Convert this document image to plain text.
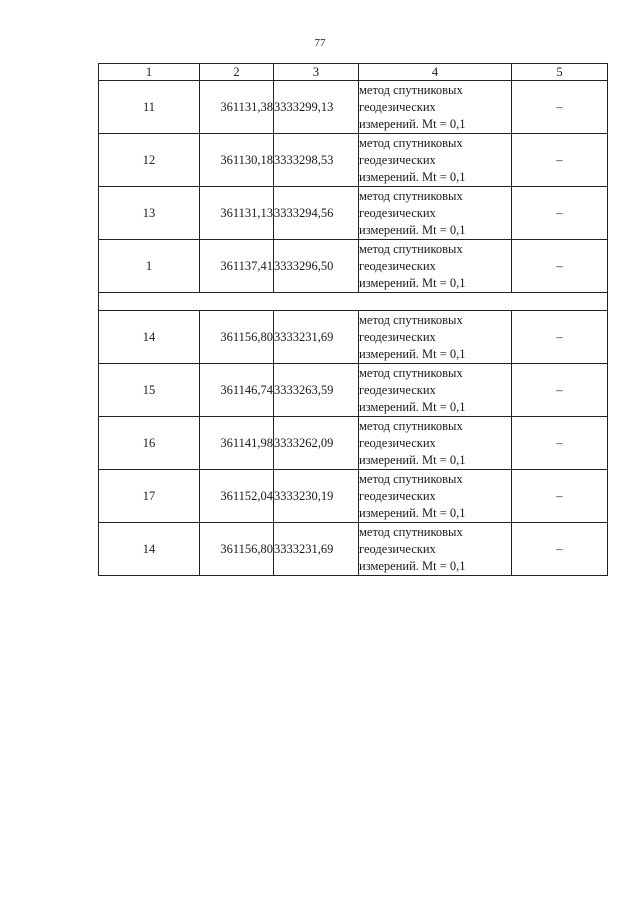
77
1	2	3	4	5
11	361131,38	3333299,13	метод спутниковых
геодезических
измерений. Mt = 0,1	–
12	361130,18	3333298,53	метод спутниковых
геодезических
измерений. Mt = 0,1	–
13	361131,13	3333294,56	метод спутниковых
геодезических
измерений. Mt = 0,1	–
1	361137,41	3333296,50	метод спутниковых
геодезических
измерений. Mt = 0,1	–

14	361156,80	3333231,69	метод спутниковых
геодезических
измерений. Mt = 0,1	–
15	361146,74	3333263,59	метод спутниковых
геодезических
измерений. Mt = 0,1	–
16	361141,98	3333262,09	метод спутниковых
геодезических
измерений. Mt = 0,1	–
17	361152,04	3333230,19	метод спутниковых
геодезических
измерений. Mt = 0,1	–
14	361156,80	3333231,69	метод спутниковых
геодезических
измерений. Mt = 0,1	–
